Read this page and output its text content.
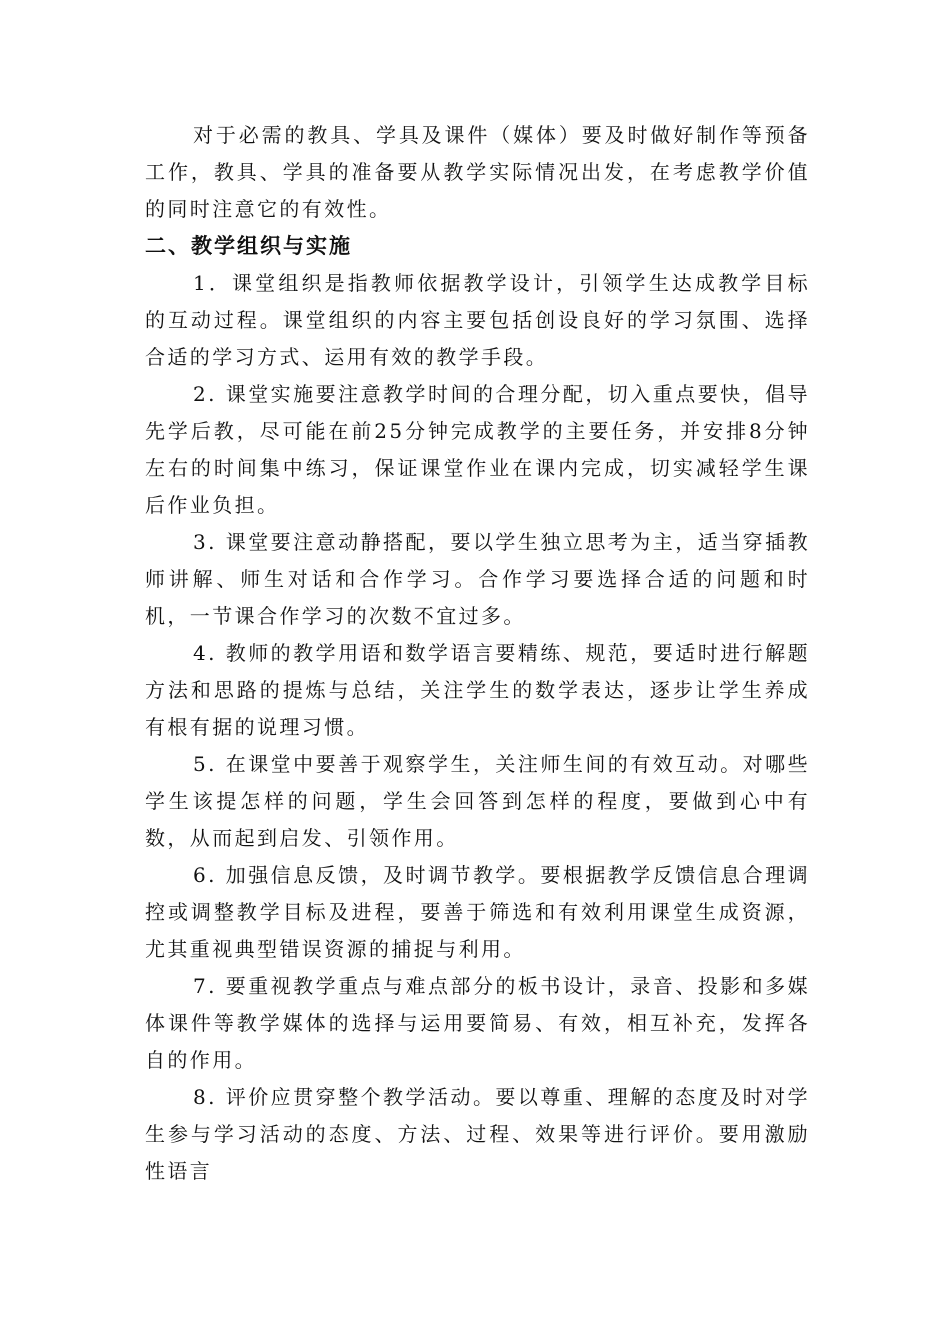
对于必需的教具、学具及课件（媒体）要及时做好制作等预备工作，教具、学具的准备要从教学实际情况出发，在考虑教学价值的同时注意它的有效性。

二、教学组织与实施

1．课堂组织是指教师依据教学设计，引领学生达成教学目标的互动过程。课堂组织的内容主要包括创设良好的学习氛围、选择合适的学习方式、运用有效的教学手段。

2. 课堂实施要注意教学时间的合理分配，切入重点要快，倡导先学后教，尽可能在前25分钟完成教学的主要任务，并安排8分钟左右的时间集中练习，保证课堂作业在课内完成，切实减轻学生课后作业负担。

3. 课堂要注意动静搭配，要以学生独立思考为主，适当穿插教师讲解、师生对话和合作学习。合作学习要选择合适的问题和时机，一节课合作学习的次数不宜过多。

4. 教师的教学用语和数学语言要精练、规范，要适时进行解题方法和思路的提炼与总结，关注学生的数学表达，逐步让学生养成有根有据的说理习惯。

5. 在课堂中要善于观察学生，关注师生间的有效互动。对哪些学生该提怎样的问题，学生会回答到怎样的程度，要做到心中有数，从而起到启发、引领作用。

6. 加强信息反馈，及时调节教学。要根据教学反馈信息合理调控或调整教学目标及进程，要善于筛选和有效利用课堂生成资源，尤其重视典型错误资源的捕捉与利用。

7. 要重视教学重点与难点部分的板书设计，录音、投影和多媒体课件等教学媒体的选择与运用要简易、有效，相互补充，发挥各自的作用。

8. 评价应贯穿整个教学活动。要以尊重、理解的态度及时对学生参与学习活动的态度、方法、过程、效果等进行评价。要用激励性语言
